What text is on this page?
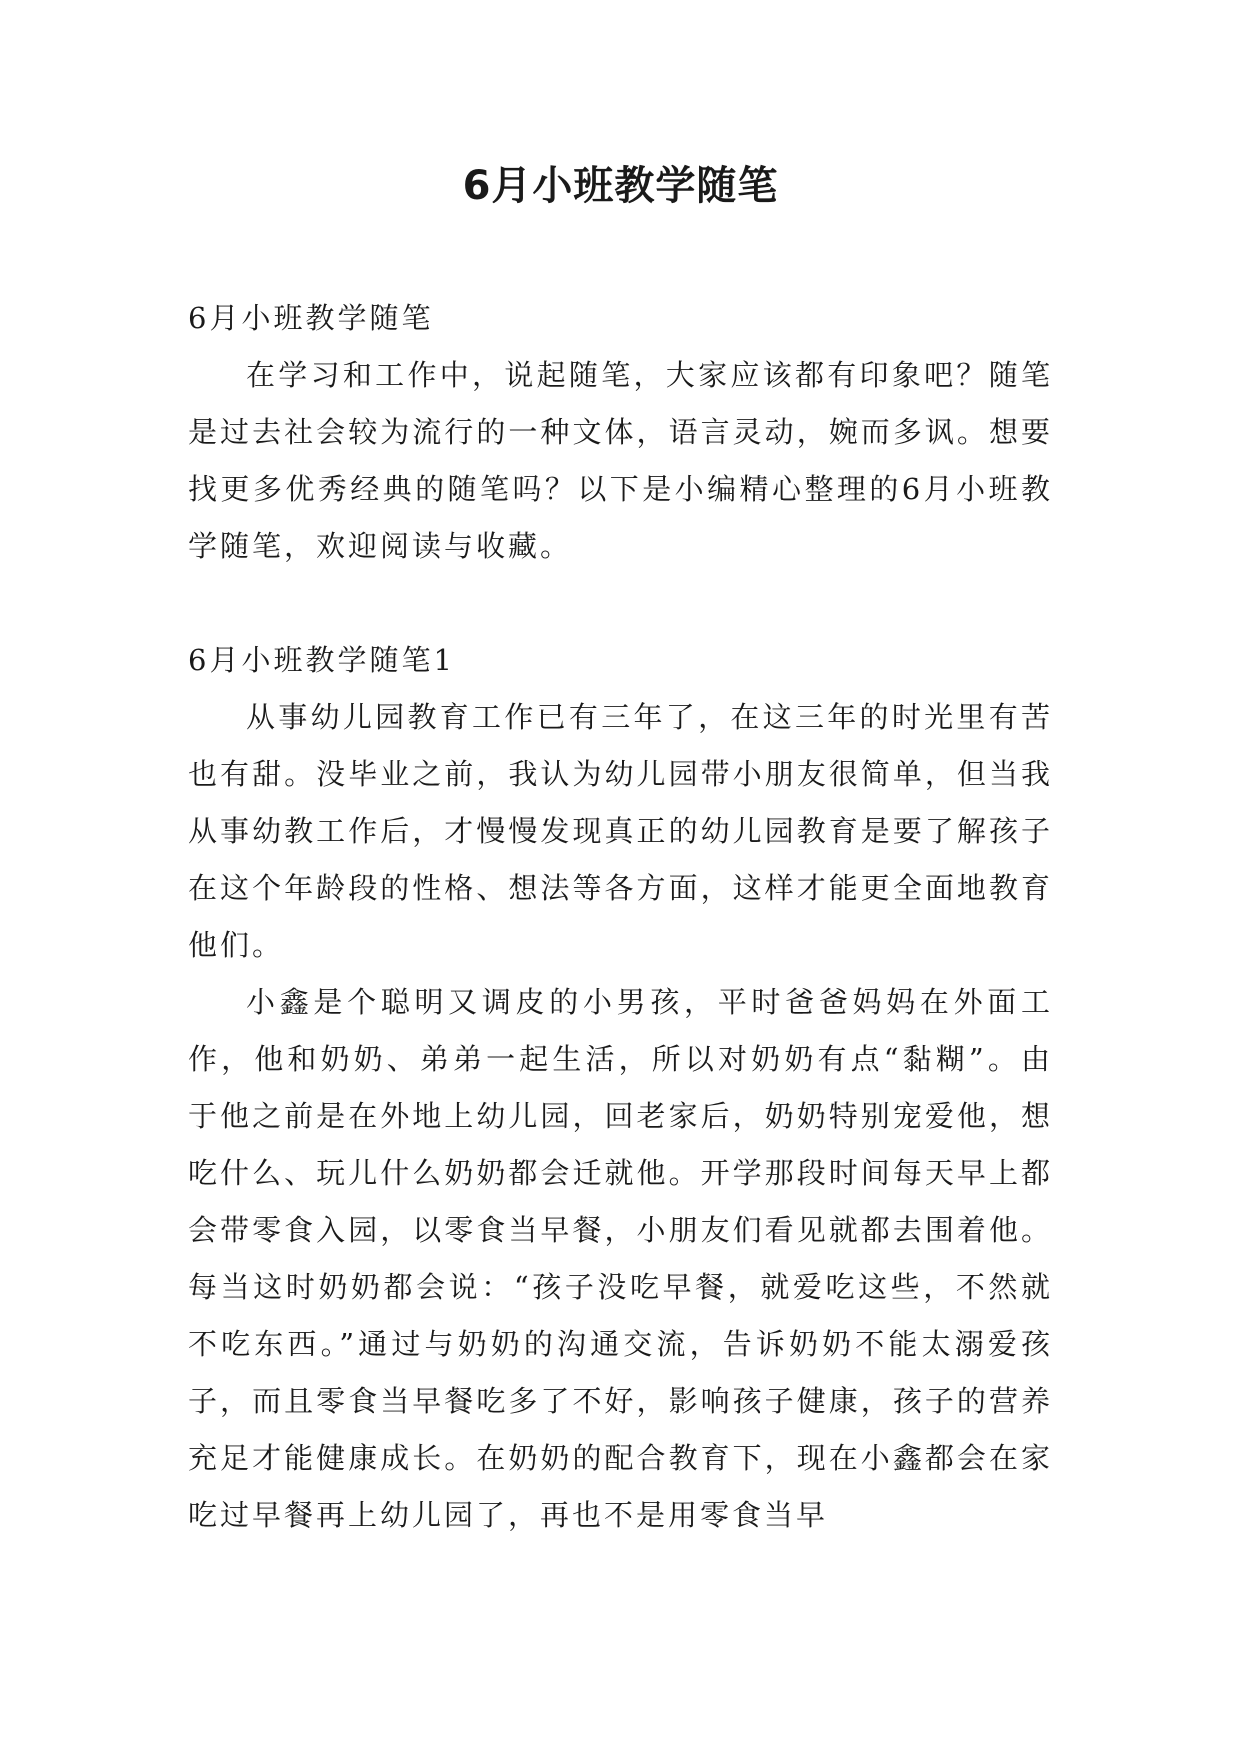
6月小班教学随笔

6月小班教学随笔

在学习和工作中，说起随笔，大家应该都有印象吧？随笔是过去社会较为流行的一种文体，语言灵动，婉而多讽。想要找更多优秀经典的随笔吗？以下是小编精心整理的6月小班教学随笔，欢迎阅读与收藏。

6月小班教学随笔1

从事幼儿园教育工作已有三年了，在这三年的时光里有苦也有甜。没毕业之前，我认为幼儿园带小朋友很简单，但当我从事幼教工作后，才慢慢发现真正的幼儿园教育是要了解孩子在这个年龄段的性格、想法等各方面，这样才能更全面地教育他们。

小鑫是个聪明又调皮的小男孩，平时爸爸妈妈在外面工作，他和奶奶、弟弟一起生活，所以对奶奶有点“黏糊”。由于他之前是在外地上幼儿园，回老家后，奶奶特别宠爱他，想吃什么、玩儿什么奶奶都会迁就他。开学那段时间每天早上都会带零食入园，以零食当早餐，小朋友们看见就都去围着他。每当这时奶奶都会说：“孩子没吃早餐，就爱吃这些，不然就不吃东西。”通过与奶奶的沟通交流，告诉奶奶不能太溺爱孩子，而且零食当早餐吃多了不好，影响孩子健康，孩子的营养充足才能健康成长。在奶奶的配合教育下，现在小鑫都会在家吃过早餐再上幼儿园了，再也不是用零食当早
